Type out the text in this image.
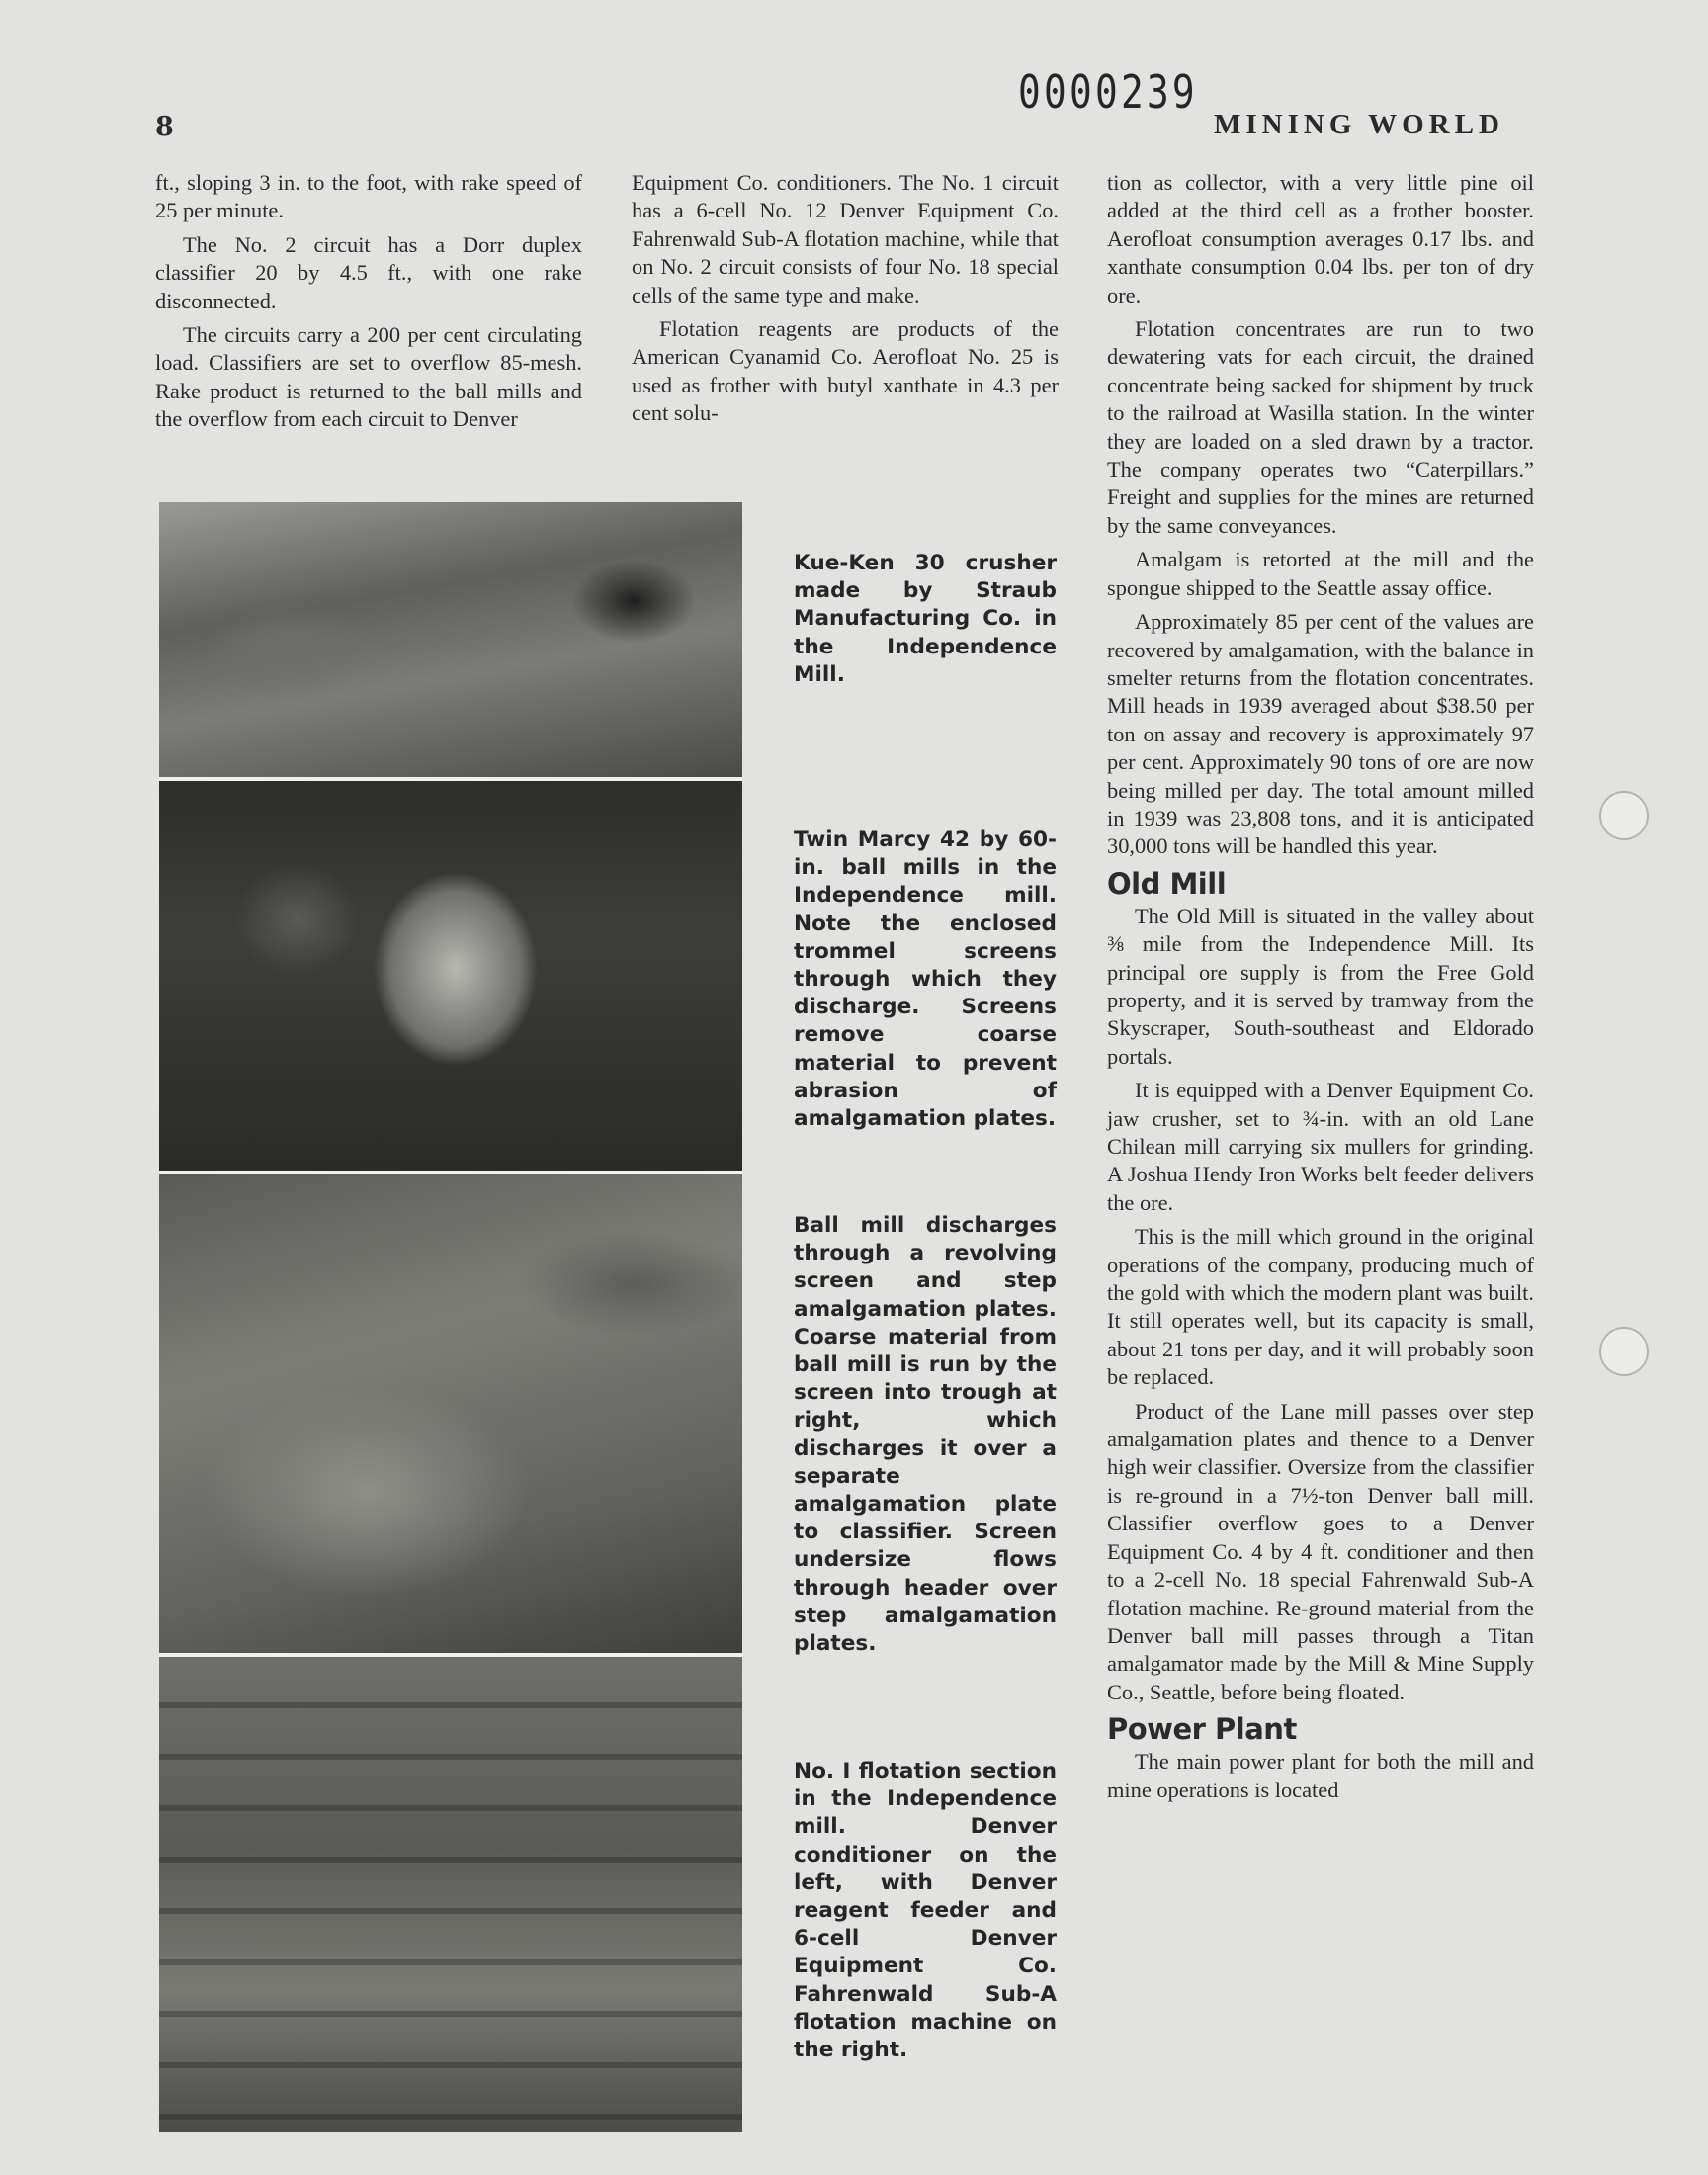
0000239
8	MINING WORLD

ft., sloping 3 in. to the foot, with rake speed of 25 per minute.

The No. 2 circuit has a Dorr duplex classifier 20 by 4.5 ft., with one rake disconnected.

The circuits carry a 200 per cent circulating load. Classifiers are set to overflow 85-mesh. Rake product is returned to the ball mills and the overflow from each circuit to Denver

Equipment Co. conditioners. The No. 1 circuit has a 6-cell No. 12 Denver Equipment Co. Fahrenwald Sub-A flotation machine, while that on No. 2 circuit consists of four No. 18 special cells of the same type and make.

Flotation reagents are products of the American Cyanamid Co. Aerofloat No. 25 is used as frother with butyl xanthate in 4.3 per cent solu-

tion as collector, with a very little pine oil added at the third cell as a frother booster. Aerofloat consumption averages 0.17 lbs. and xanthate consumption 0.04 lbs. per ton of dry ore.

Flotation concentrates are run to two dewatering vats for each circuit, the drained concentrate being sacked for shipment by truck to the railroad at Wasilla station. In the winter they are loaded on a sled drawn by a tractor. The company operates two “Caterpillars.” Freight and supplies for the mines are returned by the same conveyances.

Amalgam is retorted at the mill and the spongue shipped to the Seattle assay office.

Approximately 85 per cent of the values are recovered by amalgamation, with the balance in smelter returns from the flotation concentrates. Mill heads in 1939 averaged about $38.50 per ton on assay and recovery is approximately 97 per cent. Approximately 90 tons of ore are now being milled per day. The total amount milled in 1939 was 23,808 tons, and it is anticipated 30,000 tons will be handled this year.

Old Mill

The Old Mill is situated in the valley about ⅜ mile from the Independence Mill. Its principal ore supply is from the Free Gold property, and it is served by tramway from the Skyscraper, South-southeast and Eldorado portals.

It is equipped with a Denver Equipment Co. jaw crusher, set to ¾-in. with an old Lane Chilean mill carrying six mullers for grinding. A Joshua Hendy Iron Works belt feeder delivers the ore.

This is the mill which ground in the original operations of the company, producing much of the gold with which the modern plant was built. It still operates well, but its capacity is small, about 21 tons per day, and it will probably soon be replaced.

Product of the Lane mill passes over step amalgamation plates and thence to a Denver high weir classifier. Oversize from the classifier is re-ground in a 7½-ton Denver ball mill. Classifier overflow goes to a Denver Equipment Co. 4 by 4 ft. conditioner and then to a 2-cell No. 18 special Fahrenwald Sub-A flotation machine. Re-ground material from the Denver ball mill passes through a Titan amalgamator made by the Mill & Mine Supply Co., Seattle, before being floated.

Power Plant

The main power plant for both the mill and mine operations is located

Kue-Ken 30 crusher made by Straub Manufacturing Co. in the Independence Mill.
Twin Marcy 42 by 60-in. ball mills in the Independence mill. Note the enclosed trommel screens through which they discharge. Screens remove coarse material to prevent abrasion of amalgamation plates.
Ball mill discharges through a revolving screen and step amalgamation plates. Coarse material from ball mill is run by the screen into trough at right, which discharges it over a separate amalgamation plate to classifier. Screen undersize flows through header over step amalgamation plates.
No. I flotation section in the Independence mill. Denver conditioner on the left, with Denver reagent feeder and 6-cell Denver Equipment Co. Fahrenwald Sub-A flotation machine on the right.
